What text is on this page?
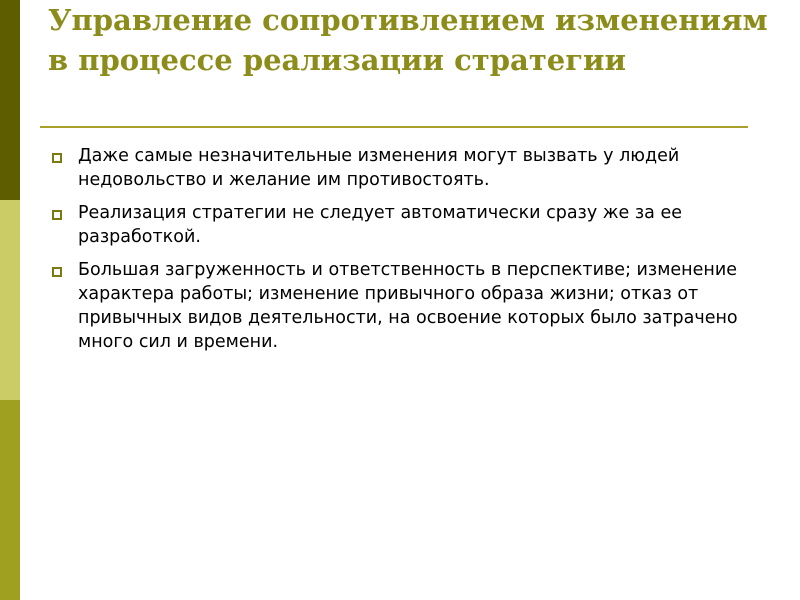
Управление сопротивлением изменениям в процессе реализации стратегии
Даже самые незначительные изменения могут вызвать у людей недовольство и желание им противостоять.
Реализация стратегии не следует автоматически сразу же за ее разработкой.
Большая загруженность и ответственность в перспективе; изменение характера работы; изменение привычного образа жизни; отказ от привычных видов деятельности, на освоение которых было затрачено много сил и времени.
